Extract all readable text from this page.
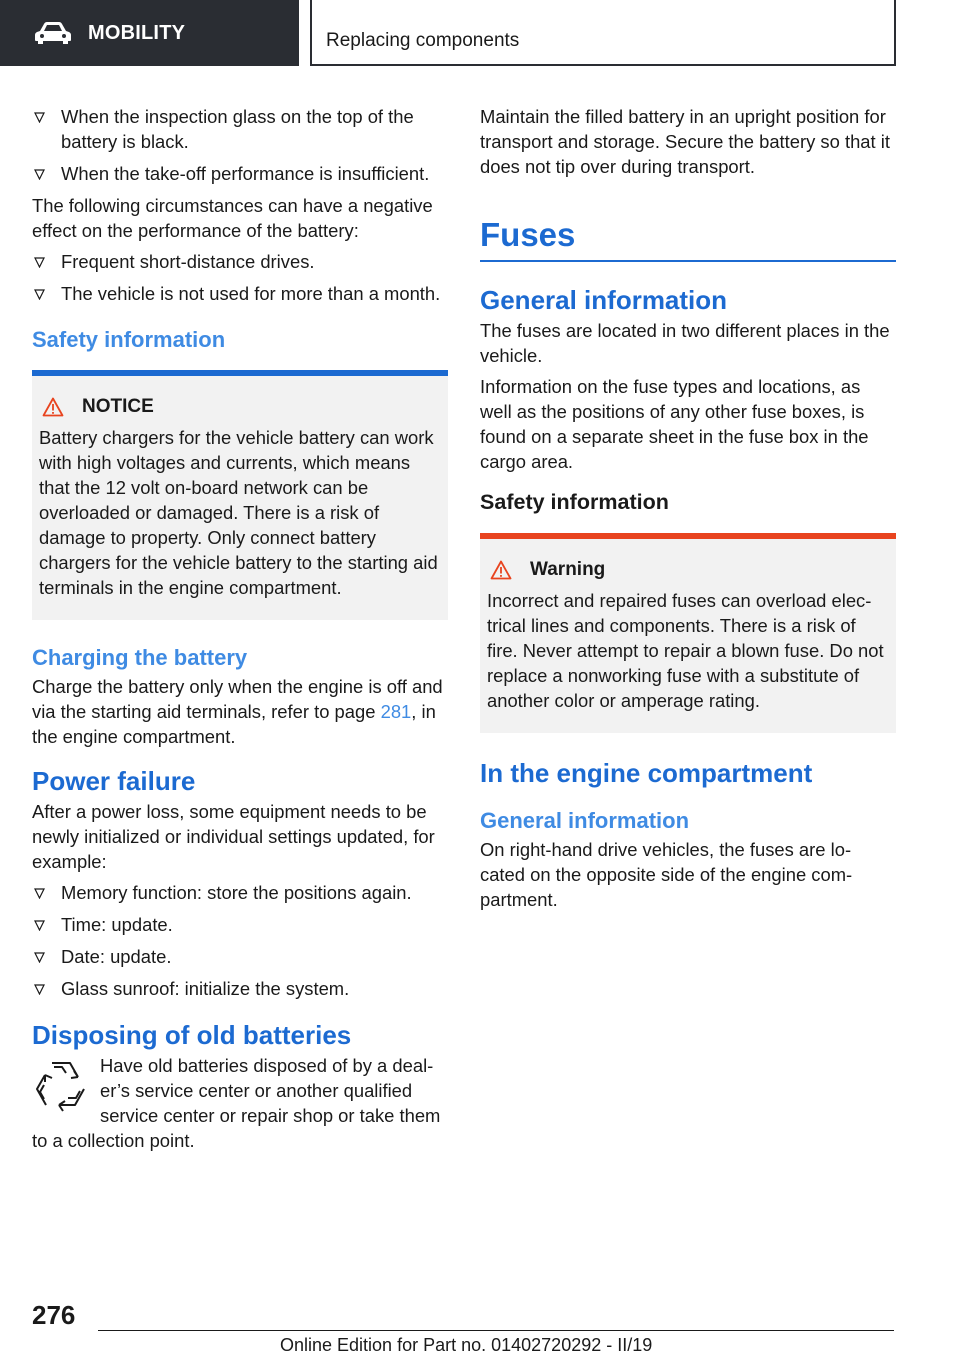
MOBILITY	Replacing components
When the inspection glass on the top of the battery is black.
When the take-off performance is insufficient.

The following circumstances can have a negative effect on the performance of the battery:

Frequent short-distance drives.
The vehicle is not used for more than a month.
Safety information
NOTICE
Battery chargers for the vehicle battery can work with high voltages and currents, which means that the 12 volt on-board network can be overloaded or damaged. There is a risk of damage to property. Only connect battery chargers for the vehicle battery to the starting aid terminals in the engine compartment.
Charging the battery

Charge the battery only when the engine is off and via the starting aid terminals, refer to page 281, in the engine compartment.

Power failure

After a power loss, some equipment needs to be newly initialized or individual settings updated, for example:

Memory function: store the positions again.
Time: update.
Date: update.
Glass sunroof: initialize the system.
Disposing of old batteries

Have old batteries disposed of by a deal‐er’s service center or another qualified service center or repair shop or take them to a collection point.

Maintain the filled battery in an upright position for transport and storage. Secure the battery so that it does not tip over during transport.

Fuses
General information

The fuses are located in two different places in the vehicle.

Information on the fuse types and locations, as well as the positions of any other fuse boxes, is found on a separate sheet in the fuse box in the cargo area.

Safety information
Warning
Incorrect and repaired fuses can overload elec‐trical lines and components. There is a risk of fire. Never attempt to repair a blown fuse. Do not replace a nonworking fuse with a substitute of another color or amperage rating.
In the engine compartment
General information

On right-hand drive vehicles, the fuses are lo‐cated on the opposite side of the engine com‐partment.

276
Online Edition for Part no. 01402720292 - II/19
